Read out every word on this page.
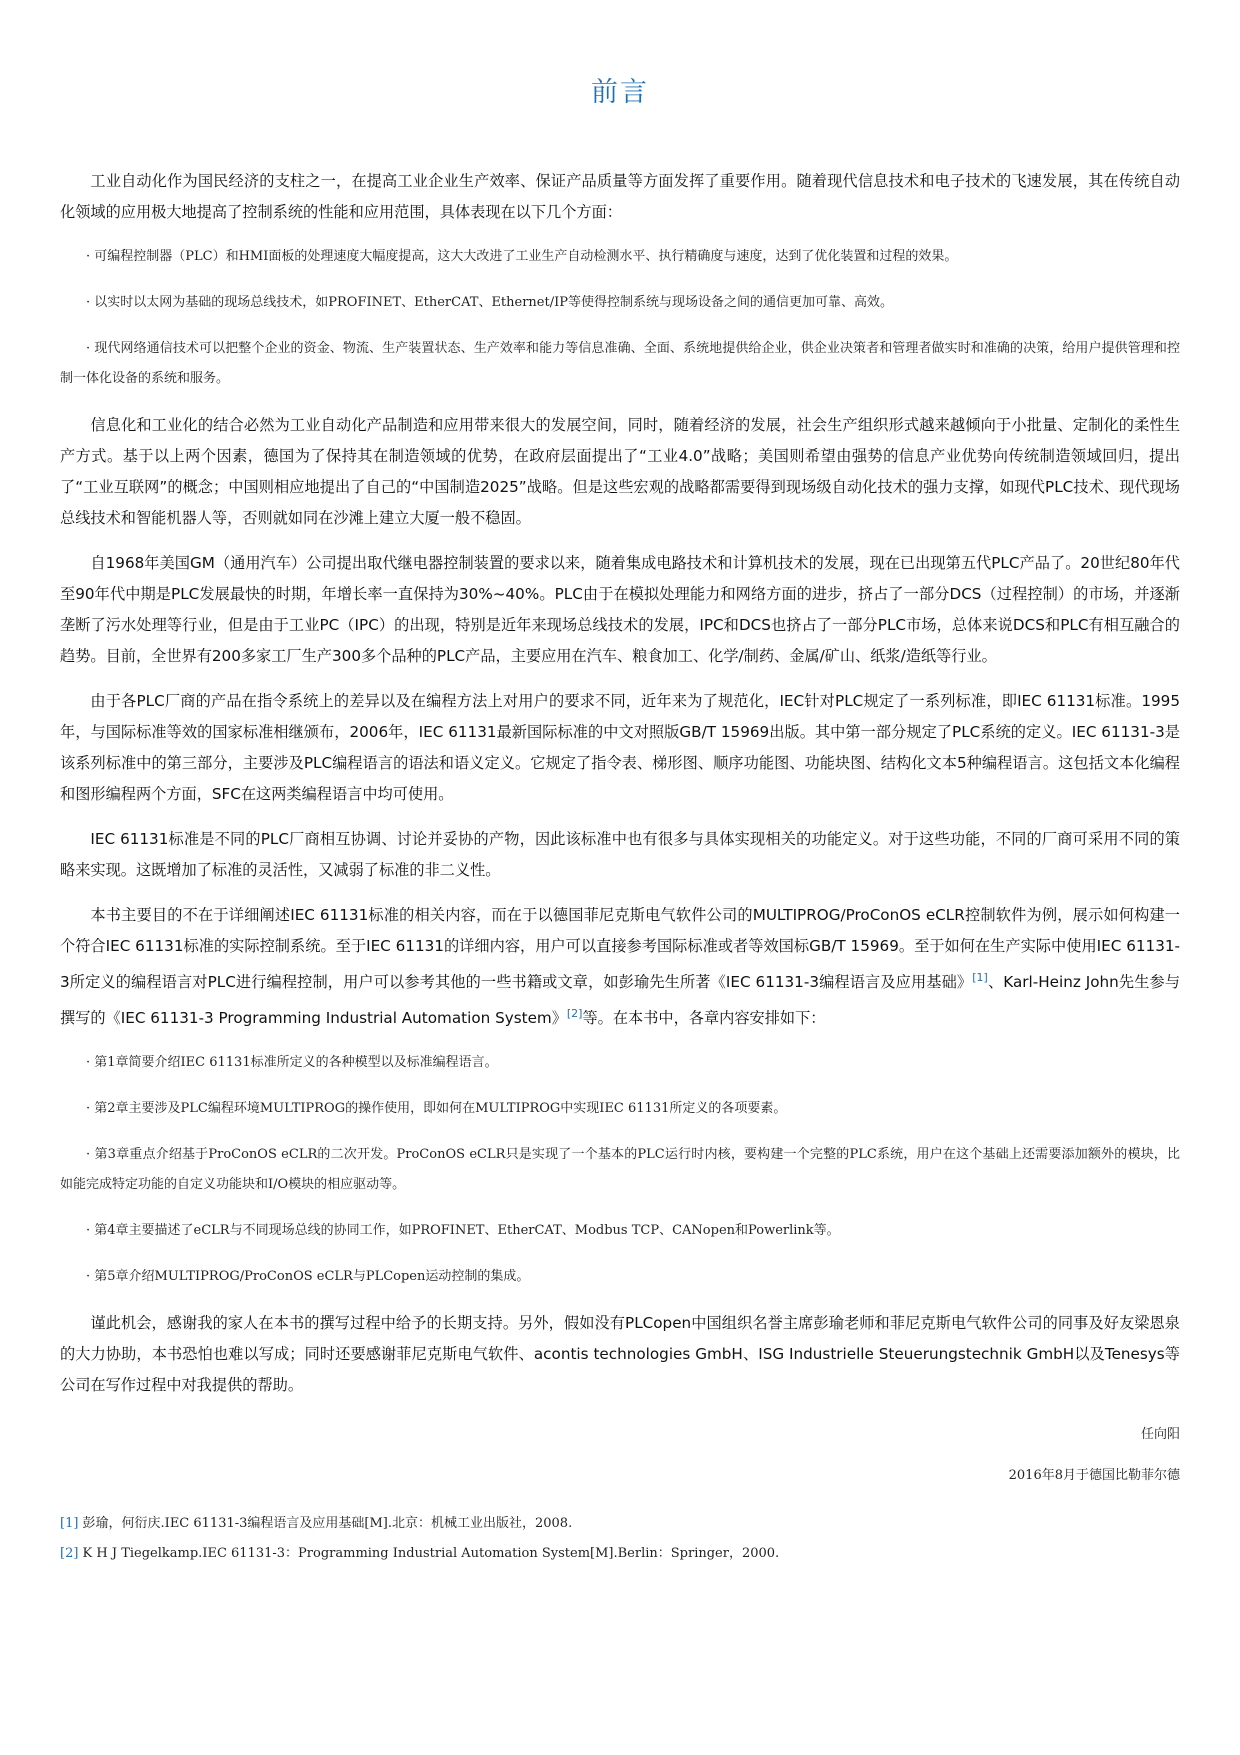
前言

工业自动化作为国民经济的支柱之一，在提高工业企业生产效率、保证产品质量等方面发挥了重要作用。随着现代信息技术和电子技术的飞速发展，其在传统自动化领域的应用极大地提高了控制系统的性能和应用范围，具体表现在以下几个方面：

· 可编程控制器（PLC）和HMI面板的处理速度大幅度提高，这大大改进了工业生产自动检测水平、执行精确度与速度，达到了优化装置和过程的效果。

· 以实时以太网为基础的现场总线技术，如PROFINET、EtherCAT、Ethernet/IP等使得控制系统与现场设备之间的通信更加可靠、高效。

· 现代网络通信技术可以把整个企业的资金、物流、生产装置状态、生产效率和能力等信息准确、全面、系统地提供给企业，供企业决策者和管理者做实时和准确的决策，给用户提供管理和控制一体化设备的系统和服务。

信息化和工业化的结合必然为工业自动化产品制造和应用带来很大的发展空间，同时，随着经济的发展，社会生产组织形式越来越倾向于小批量、定制化的柔性生产方式。基于以上两个因素，德国为了保持其在制造领域的优势，在政府层面提出了“工业4.0”战略；美国则希望由强势的信息产业优势向传统制造领域回归，提出了“工业互联网”的概念；中国则相应地提出了自己的“中国制造2025”战略。但是这些宏观的战略都需要得到现场级自动化技术的强力支撑，如现代PLC技术、现代现场总线技术和智能机器人等，否则就如同在沙滩上建立大厦一般不稳固。

自1968年美国GM（通用汽车）公司提出取代继电器控制装置的要求以来，随着集成电路技术和计算机技术的发展，现在已出现第五代PLC产品了。20世纪80年代至90年代中期是PLC发展最快的时期，年增长率一直保持为30%~40%。PLC由于在模拟处理能力和网络方面的进步，挤占了一部分DCS（过程控制）的市场，并逐渐垄断了污水处理等行业，但是由于工业PC（IPC）的出现，特别是近年来现场总线技术的发展，IPC和DCS也挤占了一部分PLC市场，总体来说DCS和PLC有相互融合的趋势。目前，全世界有200多家工厂生产300多个品种的PLC产品，主要应用在汽车、粮食加工、化学/制药、金属/矿山、纸浆/造纸等行业。

由于各PLC厂商的产品在指令系统上的差异以及在编程方法上对用户的要求不同，近年来为了规范化，IEC针对PLC规定了一系列标准，即IEC 61131标准。1995年，与国际标准等效的国家标准相继颁布，2006年，IEC 61131最新国际标准的中文对照版GB/T 15969出版。其中第一部分规定了PLC系统的定义。IEC 61131-3是该系列标准中的第三部分，主要涉及PLC编程语言的语法和语义定义。它规定了指令表、梯形图、顺序功能图、功能块图、结构化文本5种编程语言。这包括文本化编程和图形编程两个方面，SFC在这两类编程语言中均可使用。

IEC 61131标准是不同的PLC厂商相互协调、讨论并妥协的产物，因此该标准中也有很多与具体实现相关的功能定义。对于这些功能，不同的厂商可采用不同的策略来实现。这既增加了标准的灵活性，又减弱了标准的非二义性。

本书主要目的不在于详细阐述IEC 61131标准的相关内容，而在于以德国菲尼克斯电气软件公司的MULTIPROG/ProConOS eCLR控制软件为例，展示如何构建一个符合IEC 61131标准的实际控制系统。至于IEC 61131的详细内容，用户可以直接参考国际标准或者等效国标GB/T 15969。至于如何在生产实际中使用IEC 61131-3所定义的编程语言对PLC进行编程控制，用户可以参考其他的一些书籍或文章，如彭瑜先生所著《IEC 61131-3编程语言及应用基础》[1]、Karl-Heinz John先生参与撰写的《IEC 61131-3 Programming Industrial Automation System》[2]等。在本书中，各章内容安排如下：

· 第1章简要介绍IEC 61131标准所定义的各种模型以及标准编程语言。

· 第2章主要涉及PLC编程环境MULTIPROG的操作使用，即如何在MULTIPROG中实现IEC 61131所定义的各项要素。

· 第3章重点介绍基于ProConOS eCLR的二次开发。ProConOS eCLR只是实现了一个基本的PLC运行时内核，要构建一个完整的PLC系统，用户在这个基础上还需要添加额外的模块，比如能完成特定功能的自定义功能块和I/O模块的相应驱动等。

· 第4章主要描述了eCLR与不同现场总线的协同工作，如PROFINET、EtherCAT、Modbus TCP、CANopen和Powerlink等。

· 第5章介绍MULTIPROG/ProConOS eCLR与PLCopen运动控制的集成。

谨此机会，感谢我的家人在本书的撰写过程中给予的长期支持。另外，假如没有PLCopen中国组织名誉主席彭瑜老师和菲尼克斯电气软件公司的同事及好友梁恩泉的大力协助，本书恐怕也难以写成；同时还要感谢菲尼克斯电气软件、acontis technologies GmbH、ISG Industrielle Steuerungstechnik GmbH以及Tenesys等公司在写作过程中对我提供的帮助。

任向阳
2016年8月于德国比勒菲尔德
[1] 彭瑜，何衍庆.IEC 61131-3编程语言及应用基础[M].北京：机械工业出版社，2008.
[2] K H J Tiegelkamp.IEC 61131-3：Programming Industrial Automation System[M].Berlin：Springer，2000.
